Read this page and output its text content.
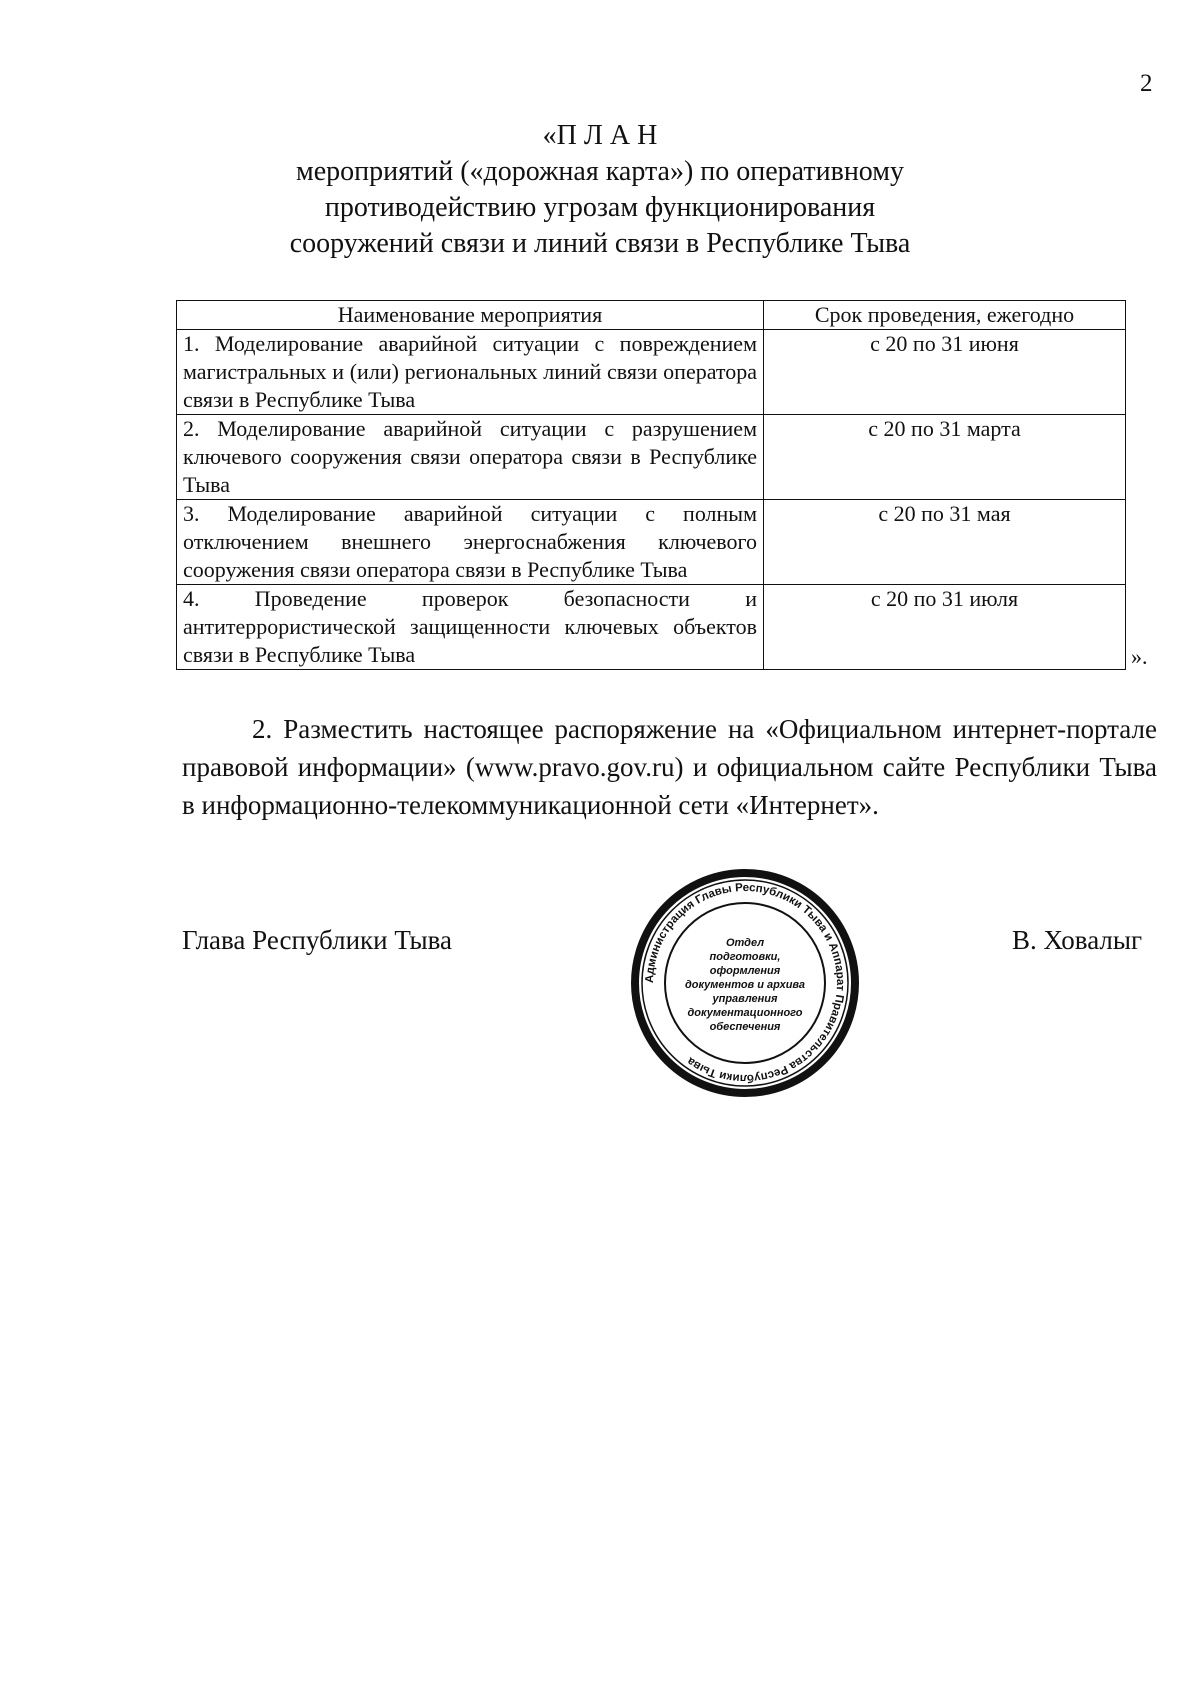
2
«П Л А Н
мероприятий («дорожная карта») по оперативному
противодействию угрозам функционирования
сооружений связи и линий связи в Республике Тыва
Наименование мероприятия	Срок проведения, ежегодно
1. Моделирование аварийной ситуации с повреждением магистральных и (или) региональных линий связи оператора связи в Республике Тыва	с 20 по 31 июня
2. Моделирование аварийной ситуации с разрушением ключевого сооружения связи оператора связи в Республике Тыва	с 20 по 31 марта
3. Моделирование аварийной ситуации с полным отключением внешнего энергоснабжения ключевого сооружения связи оператора связи в Республике Тыва	с 20 по 31 мая
4. Проведение проверок безопасности и антитеррористической защищенности ключевых объектов связи в Республике Тыва	с 20 по 31 июля
».
2. Разместить настоящее распоряжение на «Официальном интернет-портале правовой информации» (www.pravo.gov.ru) и официальном сайте Республики Тыва в информационно-телекоммуникационной сети «Интернет».
Глава Республики Тыва	В. Ховалыг
Администрация Главы Республики Тыва и Аппарат Правительства Республики Тыва
Отдел
подготовки,
оформления
документов и архива
управления
документационного
обеспечения
